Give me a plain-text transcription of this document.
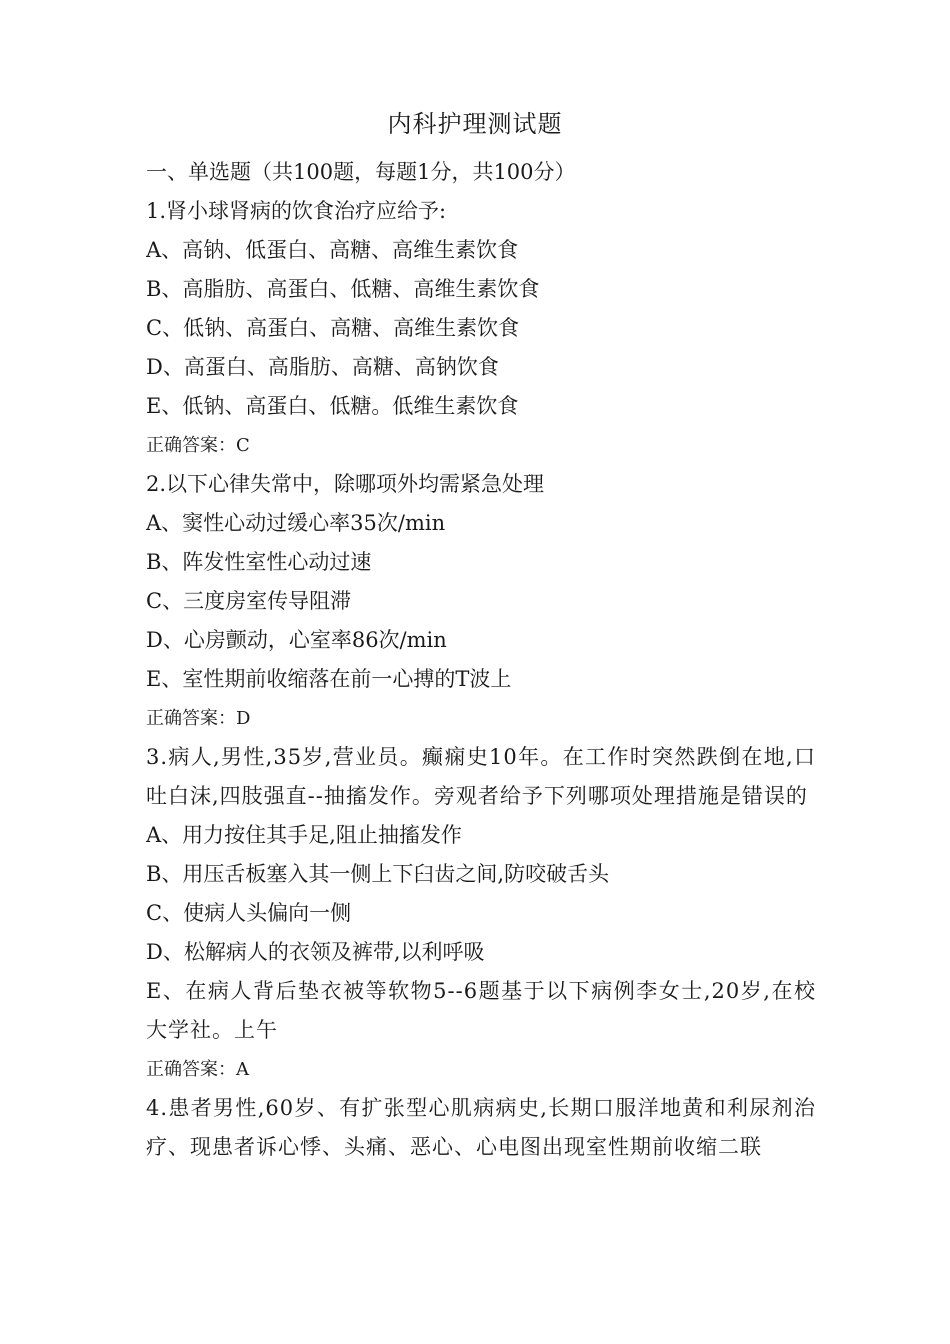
内科护理测试题
一、单选题（共100题，每题1分，共100分）
1.肾小球肾病的饮食治疗应给予:
A、高钠、低蛋白、高糖、高维生素饮食
B、高脂肪、高蛋白、低糖、高维生素饮食
C、低钠、高蛋白、高糖、高维生素饮食
D、高蛋白、高脂肪、高糖、高钠饮食
E、低钠、高蛋白、低糖。低维生素饮食
正确答案：C
2.以下心律失常中，除哪项外均需紧急处理
A、窦性心动过缓心率35次/min
B、阵发性室性心动过速
C、三度房室传导阻滞
D、心房颤动，心室率86次/min
E、室性期前收缩落在前一心搏的T波上
正确答案：D
3.病人,男性,35岁,营业员。癫痫史10年。在工作时突然跌倒在地,口吐白沫,四肢强直--抽搐发作。旁观者给予下列哪项处理措施是错误的
A、用力按住其手足,阻止抽搐发作
B、用压舌板塞入其一侧上下臼齿之间,防咬破舌头
C、使病人头偏向一侧
D、松解病人的衣领及裤带,以利呼吸
E、在病人背后垫衣被等软物5--6题基于以下病例李女士,20岁,在校大学社。上午
正确答案：A
4.患者男性,60岁、有扩张型心肌病病史,长期口服洋地黄和利尿剂治疗、现患者诉心悸、头痛、恶心、心电图出现室性期前收缩二联
